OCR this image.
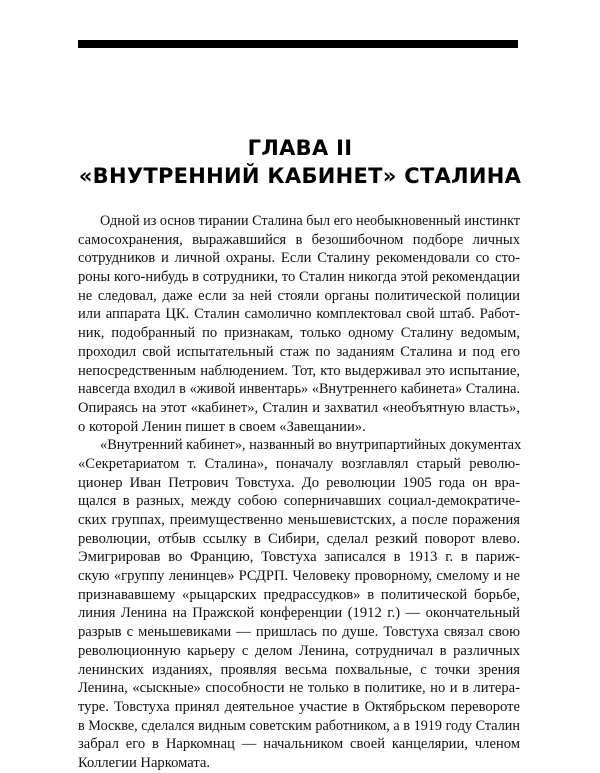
ГЛАВА II
«ВНУТРЕННИЙ КАБИНЕТ» СТАЛИНА
Одной из основ тирании Сталина был его необыкновенный инстинкт
самосохранения, выражавшийся в безошибочном подборе личных
сотрудников и личной охраны. Если Сталину рекомендовали со сто-
роны кого-нибудь в сотрудники, то Сталин никогда этой рекомендации
не следовал, даже если за ней стояли органы политической полиции
или аппарата ЦК. Сталин самолично комплектовал свой штаб. Работ-
ник, подобранный по признакам, только одному Сталину ведомым,
проходил свой испытательный стаж по заданиям Сталина и под его
непосредственным наблюдением. Тот, кто выдерживал это испытание,
навсегда входил в «живой инвентарь» «Внутреннего кабинета» Сталина.
Опираясь на этот «кабинет», Сталин и захватил «необъятную власть»,
о которой Ленин пишет в своем «Завещании».
«Внутренний кабинет», названный во внутрипартийных документах
«Секретариатом т. Сталина», поначалу возглавлял старый револю-
ционер Иван Петрович Товстуха. До революции 1905 года он вра-
щался в разных, между собою соперничавших социал-демократиче-
ских группах, преимущественно меньшевистских, а после поражения
революции, отбыв ссылку в Сибири, сделал резкий поворот влево.
Эмигрировав во Францию, Товстуха записался в 1913 г. в париж-
скую «группу ленинцев» РСДРП. Человеку проворному, смелому и не
признававшему «рыцарских предрассудков» в политической борьбе,
линия Ленина на Пражской конференции (1912 г.) — окончательный
разрыв с меньшевиками — пришлась по душе. Товстуха связал свою
революционную карьеру с делом Ленина, сотрудничал в различных
ленинских изданиях, проявляя весьма похвальные, с точки зрения
Ленина, «сыскные» способности не только в политике, но и в литера-
туре. Товстуха принял деятельное участие в Октябрьском перевороте
в Москве, сделался видным советским работником, а в 1919 году Сталин
забрал его в Наркомнац — начальником своей канцелярии, членом
Коллегии Наркомата.
